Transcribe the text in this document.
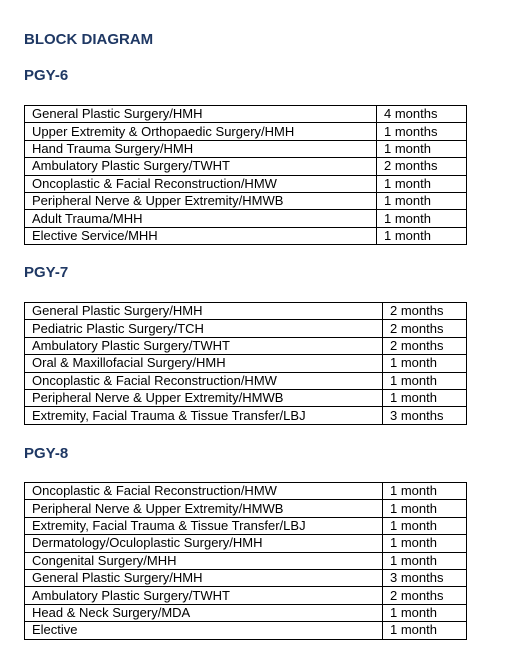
BLOCK DIAGRAM
PGY-6
General Plastic Surgery/HMH	4 months
Upper Extremity & Orthopaedic Surgery/HMH	1 months
Hand Trauma Surgery/HMH	1 month
Ambulatory Plastic Surgery/TWHT	2 months
Oncoplastic & Facial Reconstruction/HMW	1 month
Peripheral Nerve & Upper Extremity/HMWB	1 month
Adult Trauma/MHH	1 month
Elective Service/MHH	1 month
PGY-7
General Plastic Surgery/HMH	2 months
Pediatric Plastic Surgery/TCH	2 months
Ambulatory Plastic Surgery/TWHT	2 months
Oral & Maxillofacial Surgery/HMH	1 month
Oncoplastic & Facial Reconstruction/HMW	1 month
Peripheral Nerve & Upper Extremity/HMWB	1 month
Extremity, Facial Trauma & Tissue Transfer/LBJ	3 months
PGY-8
Oncoplastic & Facial Reconstruction/HMW	1 month
Peripheral Nerve & Upper Extremity/HMWB	1 month
Extremity, Facial Trauma & Tissue Transfer/LBJ	1 month
Dermatology/Oculoplastic Surgery/HMH	1 month
Congenital Surgery/MHH	1 month
General Plastic Surgery/HMH	3 months
Ambulatory Plastic Surgery/TWHT	2 months
Head & Neck Surgery/MDA	1 month
Elective	1 month
